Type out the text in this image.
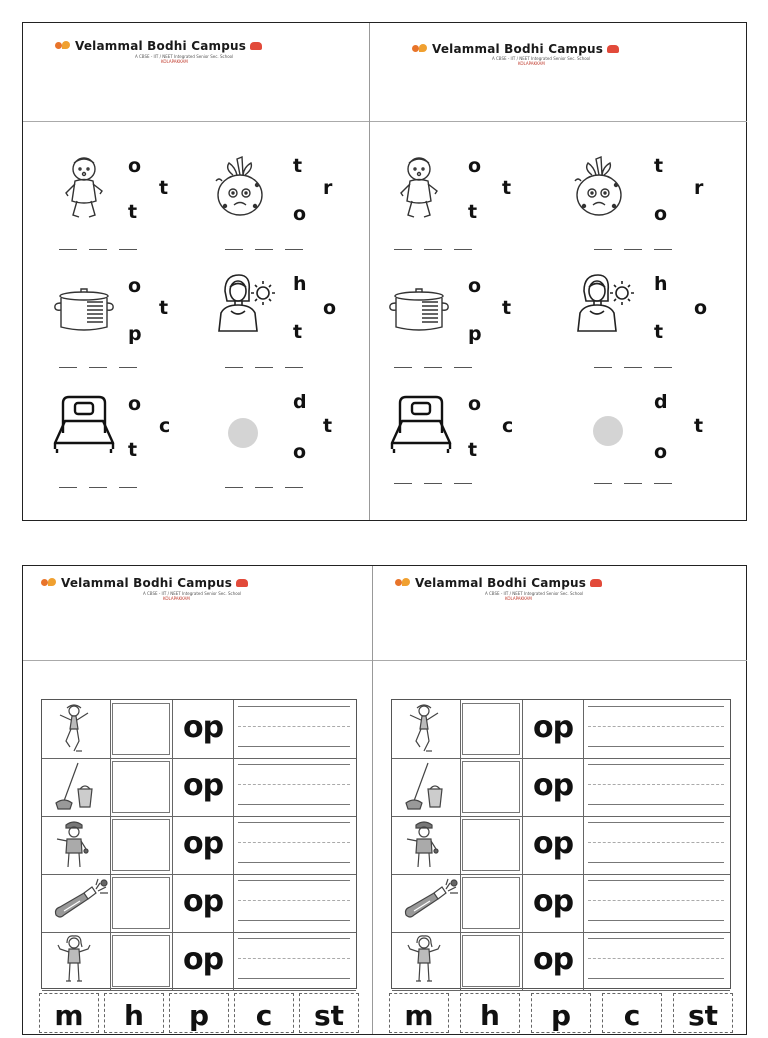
Velammal Bodhi Campus
A CBSE - IIT / NEET Integrated Senior Sec. School
KOLAPAKKAM
o
t
t
t
o
r
o
p
t
h
t
o
o
t
c
d
o
t
Velammal Bodhi Campus
A CBSE - IIT / NEET Integrated Senior Sec. School
KOLAPAKKAM
o
t
t
t
o
r
o
p
t
h
t
o
o
t
c
d
o
t
Velammal Bodhi Campus
A CBSE - IIT / NEET Integrated Senior Sec. School
KOLAPAKKAM
op
op
op
op
op
m	h	p	c	st
Velammal Bodhi Campus
A CBSE - IIT / NEET Integrated Senior Sec. School
KOLAPAKKAM
op
op
op
op
op
m	h	p	c	st
